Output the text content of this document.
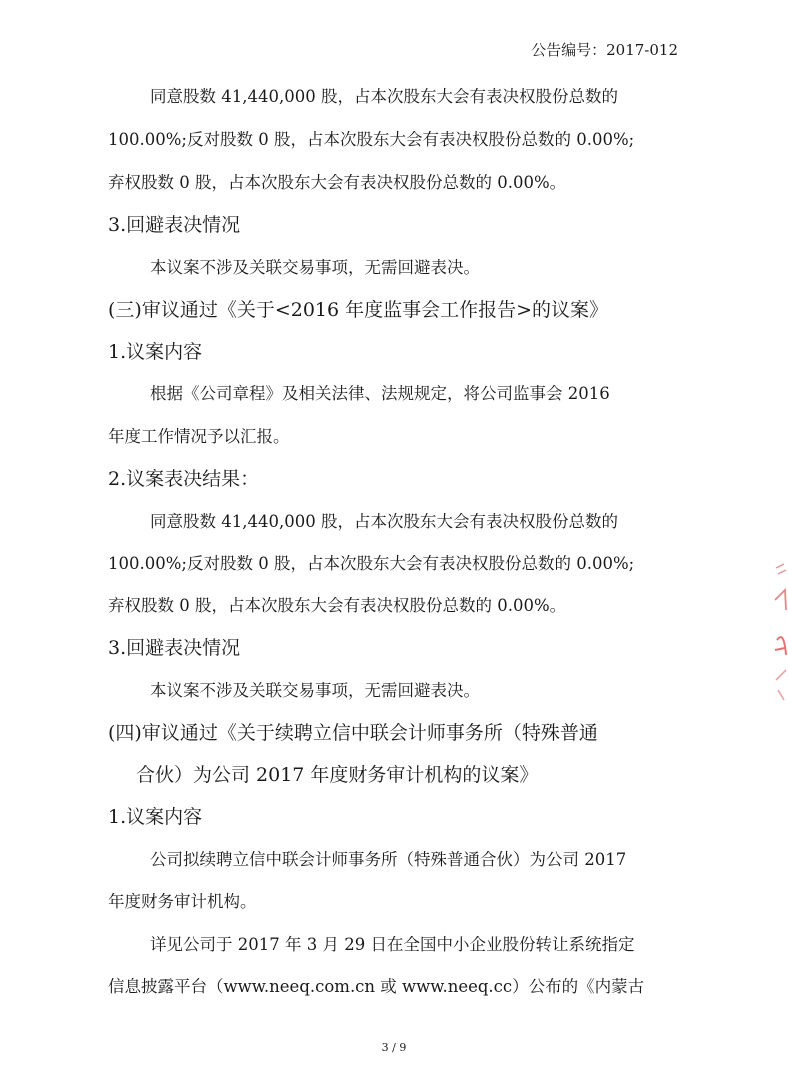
公告编号：2017-012

同意股数 41,440,000 股，占本次股东大会有表决权股份总数的

100.00%;反对股数 0 股，占本次股东大会有表决权股份总数的 0.00%;

弃权股数 0 股，占本次股东大会有表决权股份总数的 0.00%。

3.回避表决情况

本议案不涉及关联交易事项，无需回避表决。

(三)审议通过《关于<2016 年度监事会工作报告>的议案》

1.议案内容

根据《公司章程》及相关法律、法规规定，将公司监事会 2016

年度工作情况予以汇报。

2.议案表决结果：

同意股数 41,440,000 股，占本次股东大会有表决权股份总数的

100.00%;反对股数 0 股，占本次股东大会有表决权股份总数的 0.00%;

弃权股数 0 股，占本次股东大会有表决权股份总数的 0.00%。

3.回避表决情况

本议案不涉及关联交易事项，无需回避表决。

(四)审议通过《关于续聘立信中联会计师事务所（特殊普通

合伙）为公司 2017 年度财务审计机构的议案》

1.议案内容

公司拟续聘立信中联会计师事务所（特殊普通合伙）为公司 2017

年度财务审计机构。

详见公司于 2017 年 3 月 29 日在全国中小企业股份转让系统指定

信息披露平台（www.neeq.com.cn 或 www.neeq.cc）公布的《内蒙古

3 / 9
